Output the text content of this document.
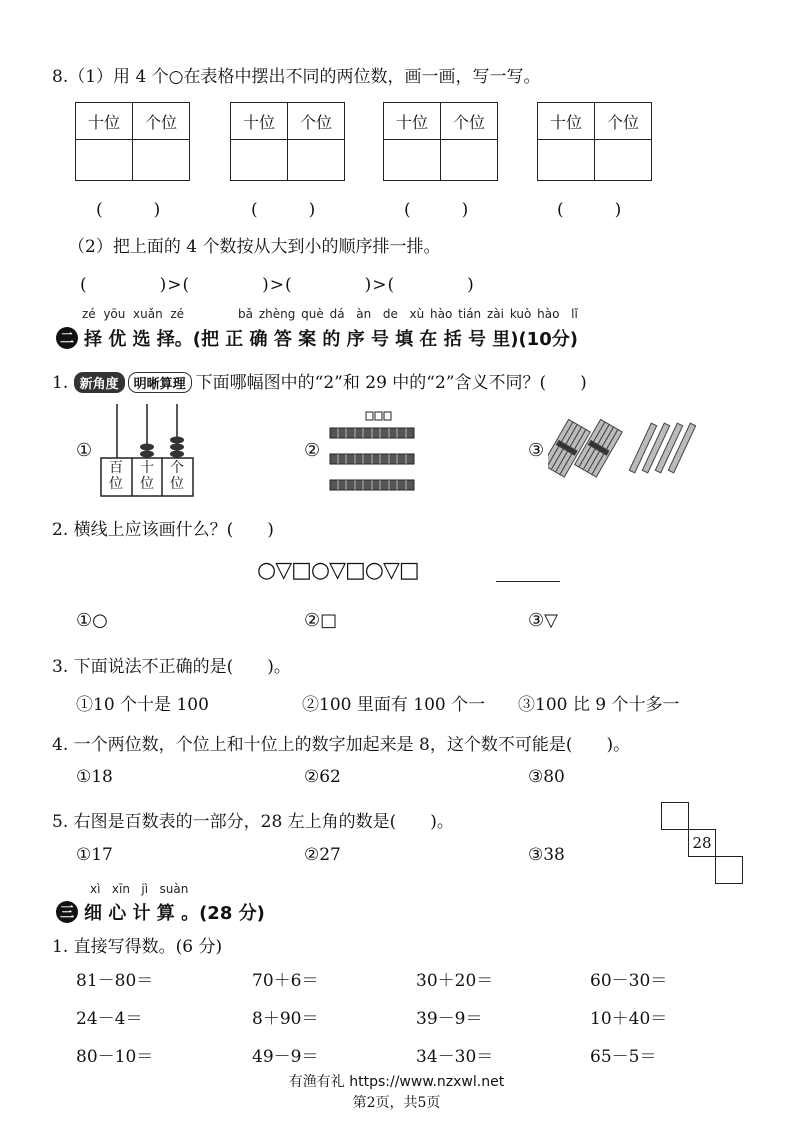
8.（1）用 4 个○在表格中摆出不同的两位数，画一画，写一写。
十位	个位
		十位	个位
		十位	个位
		十位	个位

(　　　)	(　　　)	(　　　)	(　　　)
（2）把上面的 4 个数按从大到小的顺序排一排。
(　　　　)>(　　　　)>(　　　　)>(　　　　)
zé yōu xuǎn zé	bǎ zhèng què dá àn de xù hào tián zài kuò hào lǐ
二 择 优 选 择。(把 正 确 答 案 的 序 号 填 在 括 号 里)(10分)
1. 新角度 明晰算理 下面哪幅图中的“2”和 29 中的“2”含义不同？(　　)
①
百位
十位
个位
②	③
2. 横线上应该画什么？(　　)
○▽□○▽□○▽□
①○	②□	③▽
3. 下面说法不正确的是(　　)。
①10 个十是 100	②100 里面有 100 个一 ③100 比 9 个十多一
4. 一个两位数，个位上和十位上的数字加起来是 8，这个数不可能是(　　)。
①18	②62	③80
5. 右图是百数表的一部分，28 左上角的数是(　　)。
①17	②27	③38
28
xì xīn jì suàn
三 细 心 计 算 。(28 分)
1. 直接写得数。(6 分)
81－80＝	70＋6＝	30＋20＝	60－30＝
24－4＝	8＋90＝	39－9＝	10＋40＝
80－10＝	49－9＝	34－30＝	65－5＝
有渔有礼 https://www.nzxwl.net
第2页，共5页
